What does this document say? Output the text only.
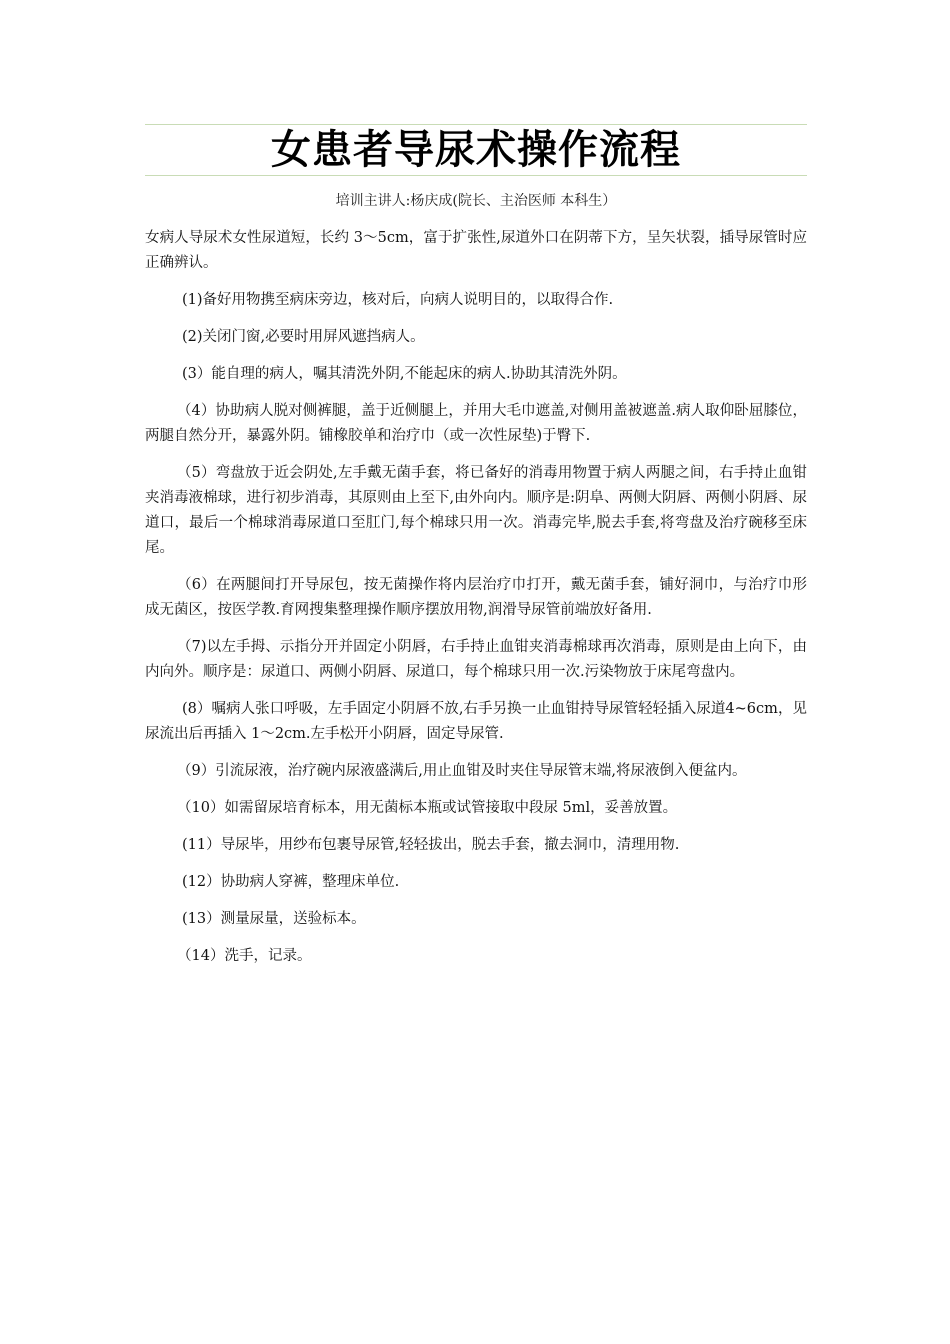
女患者导尿术操作流程
培训主讲人:杨庆成(院长、主治医师 本科生）

女病人导尿术女性尿道短，长约 3～5cm，富于扩张性,尿道外口在阴蒂下方，呈矢状裂，插导尿管时应正确辨认。

(1)备好用物携至病床旁边，核对后，向病人说明目的，以取得合作.

(2)关闭门窗,必要时用屏风遮挡病人。

(3）能自理的病人，嘱其清洗外阴,不能起床的病人.协助其清洗外阴。

（4）协助病人脱对侧裤腿，盖于近侧腿上，并用大毛巾遮盖,对侧用盖被遮盖.病人取仰卧屈膝位，两腿自然分开，暴露外阴。铺橡胶单和治疗巾（或一次性尿垫)于臀下.

（5）弯盘放于近会阴处,左手戴无菌手套，将已备好的消毒用物置于病人两腿之间，右手持止血钳夹消毒液棉球，进行初步消毒，其原则由上至下,由外向内。顺序是:阴阜、两侧大阴唇、两侧小阴唇、尿道口，最后一个棉球消毒尿道口至肛门,每个棉球只用一次。消毒完毕,脱去手套,将弯盘及治疗碗移至床尾。

（6）在两腿间打开导尿包，按无菌操作将内层治疗巾打开，戴无菌手套，铺好洞巾，与治疗巾形成无菌区，按医学教.育网搜集整理操作顺序摆放用物,润滑导尿管前端放好备用.

（7)以左手拇、示指分开并固定小阴唇，右手持止血钳夹消毒棉球再次消毒，原则是由上向下，由内向外。顺序是：尿道口、两侧小阴唇、尿道口，每个棉球只用一次.污染物放于床尾弯盘内。

(8）嘱病人张口呼吸，左手固定小阴唇不放,右手另换一止血钳持导尿管轻轻插入尿道4~6cm，见尿流出后再插入 1～2cm.左手松开小阴唇，固定导尿管.

（9）引流尿液，治疗碗内尿液盛满后,用止血钳及时夹住导尿管末端,将尿液倒入便盆内。

（10）如需留尿培育标本，用无菌标本瓶或试管接取中段尿 5ml，妥善放置。

(11）导尿毕，用纱布包裹导尿管,轻轻拔出，脱去手套，撤去洞巾，清理用物.

(12）协助病人穿裤，整理床单位.

(13）测量尿量，送验标本。

（14）洗手，记录。
